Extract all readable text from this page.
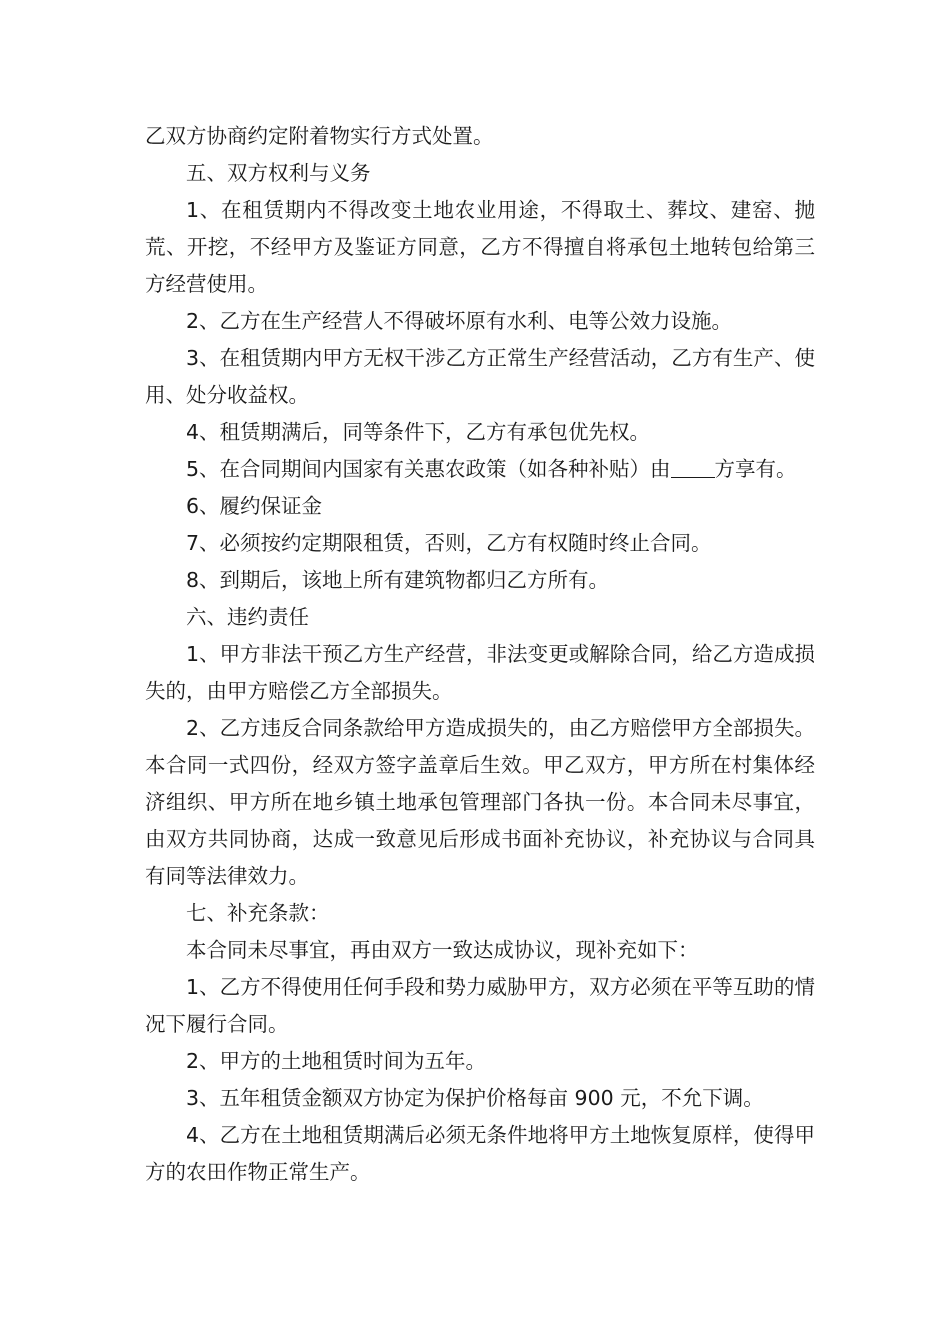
乙双方协商约定附着物实行方式处置。

五、双方权利与义务

1、在租赁期内不得改变土地农业用途，不得取土、葬坟、建窑、抛荒、开挖，不经甲方及鉴证方同意，乙方不得擅自将承包土地转包给第三方经营使用。

2、乙方在生产经营人不得破坏原有水利、电等公效力设施。

3、在租赁期内甲方无权干涉乙方正常生产经营活动，乙方有生产、使用、处分收益权。

4、租赁期满后，同等条件下，乙方有承包优先权。

5、在合同期间内国家有关惠农政策（如各种补贴）由 方享有。

6、履约保证金

7、必须按约定期限租赁，否则，乙方有权随时终止合同。

8、到期后，该地上所有建筑物都归乙方所有。

六、违约责任

1、甲方非法干预乙方生产经营，非法变更或解除合同，给乙方造成损失的，由甲方赔偿乙方全部损失。

2、乙方违反合同条款给甲方造成损失的，由乙方赔偿甲方全部损失。本合同一式四份，经双方签字盖章后生效。甲乙双方，甲方所在村集体经济组织、甲方所在地乡镇土地承包管理部门各执一份。本合同未尽事宜，由双方共同协商，达成一致意见后形成书面补充协议，补充协议与合同具有同等法律效力。

七、补充条款：

本合同未尽事宜，再由双方一致达成协议，现补充如下：

1、乙方不得使用任何手段和势力威胁甲方，双方必须在平等互助的情况下履行合同。

2、甲方的土地租赁时间为五年。

3、五年租赁金额双方协定为保护价格每亩 900 元，不允下调。

4、乙方在土地租赁期满后必须无条件地将甲方土地恢复原样，使得甲方的农田作物正常生产。
